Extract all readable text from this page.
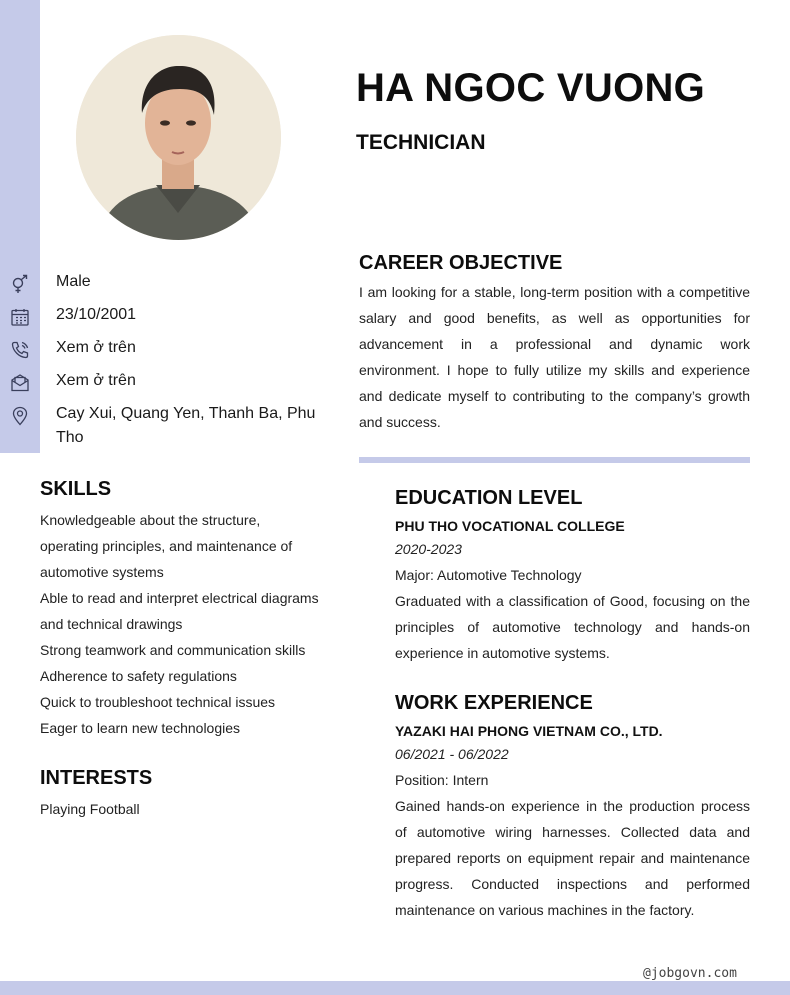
HA NGOC VUONG
TECHNICIAN
Male
23/10/2001
Xem ở trên
Xem ở trên
Cay Xui, Quang Yen, Thanh Ba, Phu Tho
SKILLS
Knowledgeable about the structure, operating principles, and maintenance of automotive systems
Able to read and interpret electrical diagrams and technical drawings
Strong teamwork and communication skills
Adherence to safety regulations
Quick to troubleshoot technical issues
Eager to learn new technologies
INTERESTS
Playing Football
CAREER OBJECTIVE

I am looking for a stable, long-term position with a competitive salary and good benefits, as well as opportunities for advancement in a professional and dynamic work environment. I hope to fully utilize my skills and experience and dedicate myself to contributing to the company’s growth and success.

EDUCATION LEVEL
PHU THO VOCATIONAL COLLEGE
2020-2023
Major: Automotive Technology

Graduated with a classification of Good, focusing on the principles of automotive technology and hands-on experience in automotive systems.

WORK EXPERIENCE
YAZAKI HAI PHONG VIETNAM CO., LTD.
06/2021 - 06/2022
Position: Intern

Gained hands-on experience in the production process of automotive wiring harnesses. Collected data and prepared reports on equipment repair and maintenance progress. Conducted inspections and performed maintenance on various machines in the factory.

@jobgovn.com
